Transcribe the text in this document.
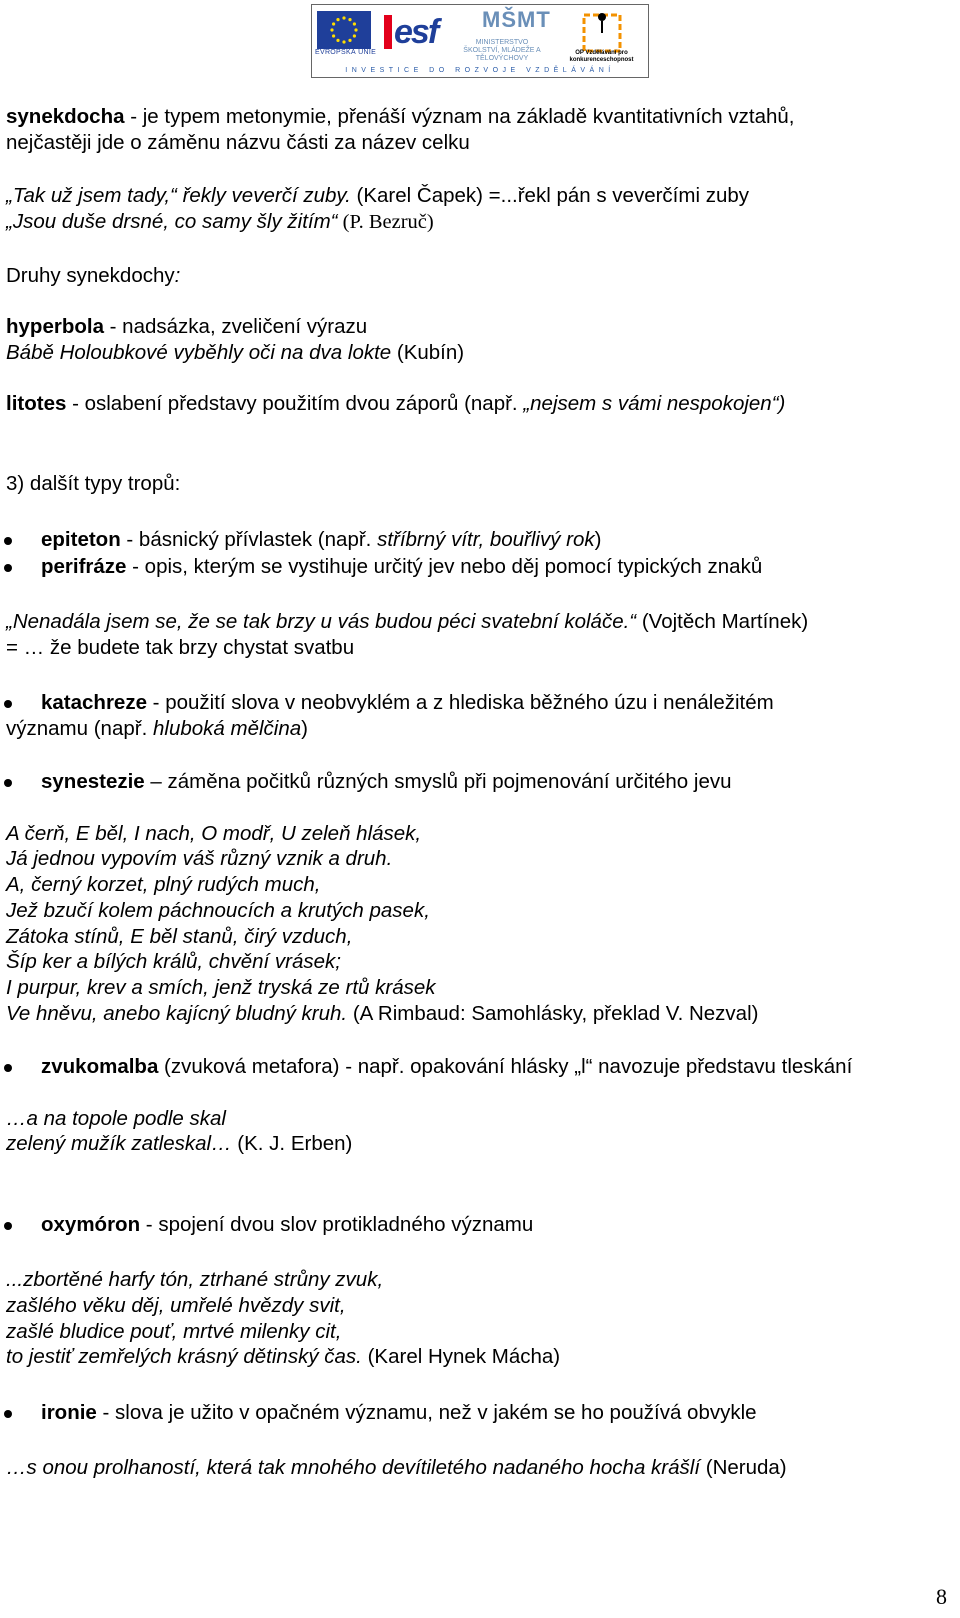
EVROPSKÁ UNIE
esf MŠMT
MINISTERSTVO ŠKOLSTVÍ, MLÁDEŽE A TĚLOVÝCHOVY
OP Vzdělávání pro konkurenceschopnost
INVESTICE DO ROZVOJE VZDĚLÁVÁNÍ
synekdocha - je typem metonymie, přenáší význam na základě kvantitativních vztahů,
nejčastěji jde o záměnu názvu části za název celku
„Tak už jsem tady,“ řekly veverčí zuby. (Karel Čapek) =...řekl pán s veverčími zuby
„Jsou duše drsné, co samy šly žitím“ (P. Bezruč)
Druhy synekdochy:
hyperbola - nadsázka, zveličení výrazu
Bábě Holoubkové vyběhly oči na dva lokte (Kubín)
litotes - oslabení představy použitím dvou záporů (např. „nejsem s vámi nespokojen“)
3) dalšít typy tropů:
epiteton - básnický přívlastek (např. stříbrný vítr, bouřlivý rok)
perifráze - opis, kterým se vystihuje určitý jev nebo děj pomocí typických znaků
„Nenadála jsem se, že se tak brzy u vás budou péci svatební koláče.“ (Vojtěch Martínek)
= … že budete tak brzy chystat svatbu
katachreze - použití slova v neobvyklém a z hlediska běžného úzu i nenáležitém
významu (např. hluboká mělčina)
synestezie – záměna počitků různých smyslů při pojmenování určitého jevu
A čerň, E běl, I nach, O modř, U zeleň hlásek,
Já jednou vypovím váš různý vznik a druh.
A, černý korzet, plný rudých much,
Jež bzučí kolem páchnoucích a krutých pasek,
Zátoka stínů, E běl stanů, čirý vzduch,
Šíp ker a bílých králů, chvění vrásek;
I purpur, krev a smích, jenž tryská ze rtů krásek
Ve hněvu, anebo kajícný bludný kruh. (A Rimbaud: Samohlásky, překlad V. Nezval)
zvukomalba (zvuková metafora) - např. opakování hlásky „l“ navozuje představu tleskání
…a na topole podle skal
zelený mužík zatleskal… (K. J. Erben)
oxymóron - spojení dvou slov protikladného významu
...zbortěné harfy tón, ztrhané strůny zvuk,
zašlého věku děj, umřelé hvězdy svit,
zašlé bludice pouť, mrtvé milenky cit,
to jestiť zemřelých krásný dětinský čas. (Karel Hynek Mácha)
ironie - slova je užito v opačném významu, než v jakém se ho používá obvykle
…s onou prolhaností, která tak mnohého devítiletého nadaného hocha krášlí (Neruda)
8
